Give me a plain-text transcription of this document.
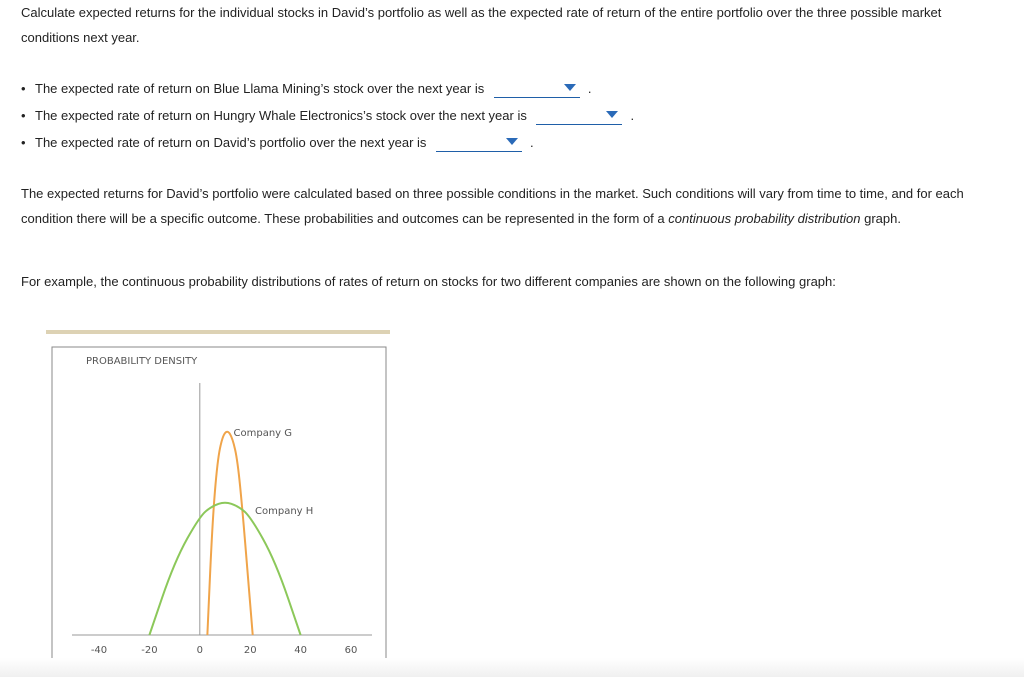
Calculate expected returns for the individual stocks in David’s portfolio as well as the expected rate of return of the entire portfolio over the three possible market conditions next year.

• The expected rate of return on Blue Llama Mining’s stock over the next year is	.
• The expected rate of return on Hungry Whale Electronics’s stock over the next year is	.
• The expected rate of return on David’s portfolio over the next year is	.

The expected returns for David’s portfolio were calculated based on three possible conditions in the market. Such conditions will vary from time to time, and for each condition there will be a specific outcome. These probabilities and outcomes can be represented in the form of a continuous probability distribution graph.

For example, the continuous probability distributions of rates of return on stocks for two different companies are shown on the following graph:

PROBABILITY DENSITY
-40	-20	0	20	40	60
Company G
Company H
